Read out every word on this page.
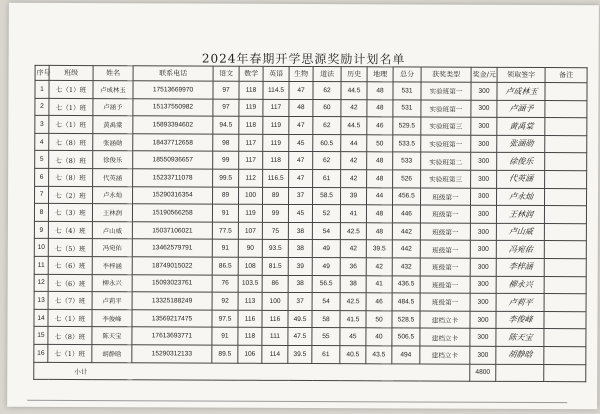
2024年春期开学思源奖励计划名单
序号	班级	姓名	联系电话	语文	数学	英语	生物	道法	历史	地理	总分	获奖类型	奖金/元	领取签字	备注
1	七（1）班	卢成林玉	17513669970	97	118	114.5	47	62	44.5	48	531	实验班第一	300	卢成林玉	
2	七（1）班	卢涵予	15137550982	97	119	117	48	60	42	48	531	实验班第一	300	卢涵予	
3	七（1）班	黄禹棠	15893394602	94.5	118	119	47	62	44.5	46	529.5	实验班第三	300	黄禹棠	
4	七（8）班	张涵勋	18437712658	98	117	119	45	60.5	44	50	533.5	实验班第一	300	张涵勋	
5	七（8）班	徐俊乐	18550936657	99	117	118	47	62	42	48	533	实验班第二	300	徐俊乐	
6	七（8）班	代英涵	15233711078	99.5	112	116.5	47	61	42	48	526	实验班第三	300	代英涵	
7	七（2）班	卢永灿	15290316354	89	100	89	37	58.5	39	44	456.5	班级第一	300	卢永灿	
8	七（3）班	王林润	15190566258	91	119	99	45	52	41	48	446	班级第一	300	王林润	
9	七（4）班	卢山威	15037106021	77.5	107	75	38	54	42.5	48	442	班级第一	300	卢山威	
10	七（5）班	冯宛佑	13462579791	91	90	93.5	38	49	42	39.5	442	班级第一	300	冯宛佑	
11	七（6）班	李梓涵	18749015022	86.5	108	81.5	39	49	36	42	432	班级第一	300	李梓涵	
12	七（6）班	柳永兴	15093023761	76	103.5	86	38	56.5	38	41	436.5	班级第一	300	柳永兴	
13	七（7）班	卢莉平	13325188249	92	113	100	37	54	42.5	46	484.5	班级第一	300	卢莉平	
14	七（1）班	李俊峰	13569217475	97.5	116	116	49.5	58	41.5	50	528.5	建档立卡	300	李俊峰	
15	七（8）班	陈天宝	17613693771	91	118	111	47.5	55	45	40	506.5	建档立卡	300	陈天宝	
16	七（1）班	胡静晗	15290312133	89.5	106	114	39.5	61	40.5	43.5	494	建档立卡	300	胡静晗	
小计													4800		
